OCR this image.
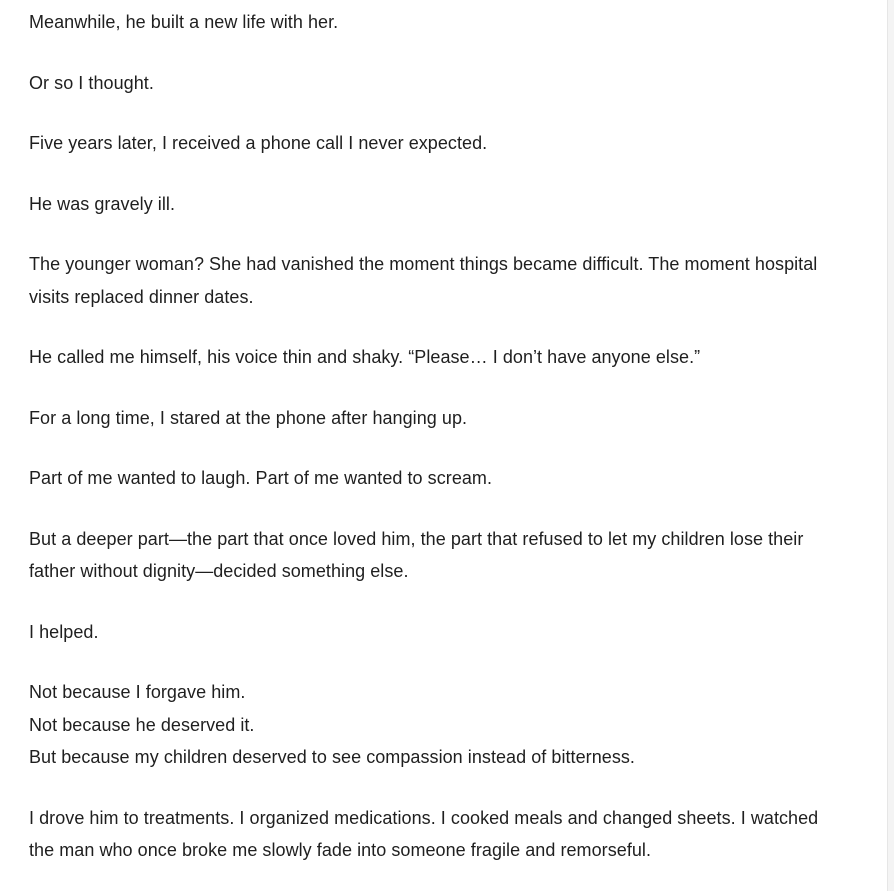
Meanwhile, he built a new life with her.

Or so I thought.

Five years later, I received a phone call I never expected.

He was gravely ill.

The younger woman? She had vanished the moment things became difficult. The moment hospital visits replaced dinner dates.

He called me himself, his voice thin and shaky. “Please… I don’t have anyone else.”

For a long time, I stared at the phone after hanging up.

Part of me wanted to laugh. Part of me wanted to scream.

But a deeper part—the part that once loved him, the part that refused to let my children lose their father without dignity—decided something else.

I helped.

Not because I forgave him.
Not because he deserved it.
But because my children deserved to see compassion instead of bitterness.

I drove him to treatments. I organized medications. I cooked meals and changed sheets. I watched the man who once broke me slowly fade into someone fragile and remorseful.
